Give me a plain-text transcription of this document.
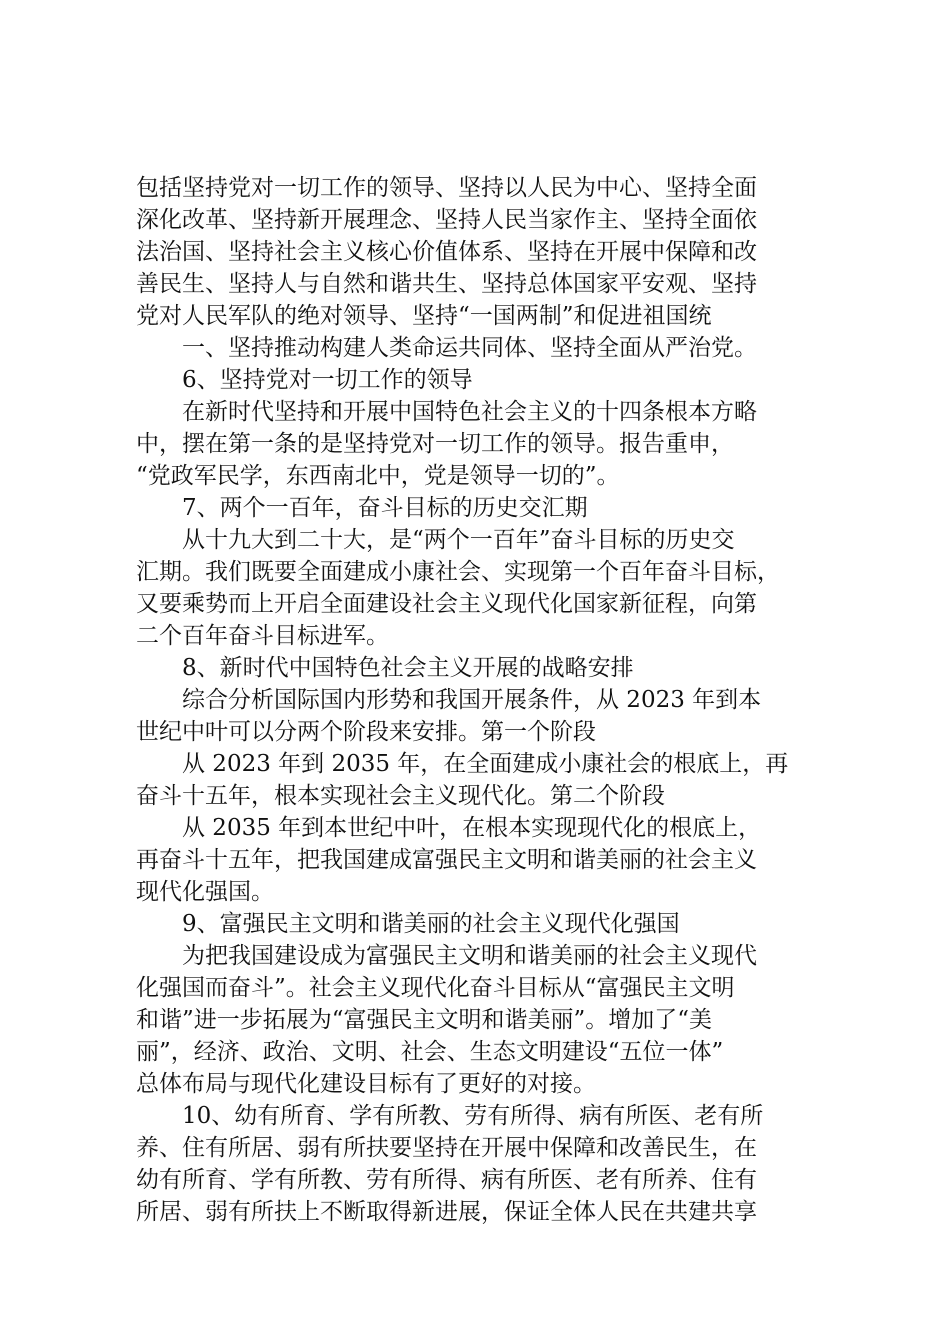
包括坚持党对一切工作的领导、坚持以人民为中心、坚持全面
深化改革、坚持新开展理念、坚持人民当家作主、坚持全面依
法治国、坚持社会主义核心价值体系、坚持在开展中保障和改
善民生、坚持人与自然和谐共生、坚持总体国家平安观、坚持
党对人民军队的绝对领导、坚持“一国两制”和促进祖国统

一、坚持推动构建人类命运共同体、坚持全面从严治党。

6、坚持党对一切工作的领导

在新时代坚持和开展中国特色社会主义的十四条根本方略
中，摆在第一条的是坚持党对一切工作的领导。报告重申，
“党政军民学，东西南北中，党是领导一切的”。

7、两个一百年，奋斗目标的历史交汇期

从十九大到二十大，是“两个一百年”奋斗目标的历史交
汇期。我们既要全面建成小康社会、实现第一个百年奋斗目标，
又要乘势而上开启全面建设社会主义现代化国家新征程，向第
二个百年奋斗目标进军。

8、新时代中国特色社会主义开展的战略安排

综合分析国际国内形势和我国开展条件，从 2023 年到本
世纪中叶可以分两个阶段来安排。第一个阶段

从 2023 年到 2035 年，在全面建成小康社会的根底上，再
奋斗十五年，根本实现社会主义现代化。第二个阶段

从 2035 年到本世纪中叶，在根本实现现代化的根底上，
再奋斗十五年，把我国建成富强民主文明和谐美丽的社会主义
现代化强国。

9、富强民主文明和谐美丽的社会主义现代化强国

为把我国建设成为富强民主文明和谐美丽的社会主义现代
化强国而奋斗”。社会主义现代化奋斗目标从“富强民主文明
和谐”进一步拓展为“富强民主文明和谐美丽”。增加了“美
丽”，经济、政治、文明、社会、生态文明建设“五位一体”
总体布局与现代化建设目标有了更好的对接。

10、幼有所育、学有所教、劳有所得、病有所医、老有所
养、住有所居、弱有所扶要坚持在开展中保障和改善民生，在
幼有所育、学有所教、劳有所得、病有所医、老有所养、住有
所居、弱有所扶上不断取得新进展，保证全体人民在共建共享
